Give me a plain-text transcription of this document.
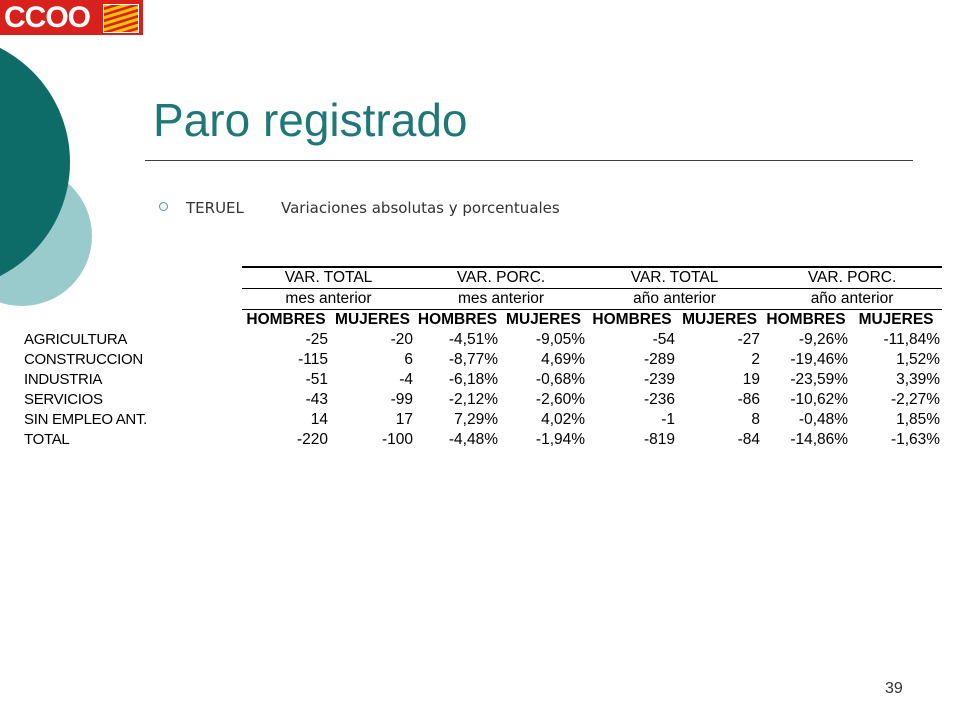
CCOO
Paro registrado
TERUEL Variaciones absolutas y porcentuales
	VAR. TOTAL		VAR. PORC.		VAR. TOTAL		VAR. PORC.	
	mes anterior		mes anterior		año anterior		año anterior	
	HOMBRES	MUJERES	HOMBRES	MUJERES	HOMBRES	MUJERES	HOMBRES	MUJERES
AGRICULTURA	-25	-20	-4,51%	-9,05%	-54	-27	-9,26%	-11,84%
CONSTRUCCION	-115	6	-8,77%	4,69%	-289	2	-19,46%	1,52%
INDUSTRIA	-51	-4	-6,18%	-0,68%	-239	19	-23,59%	3,39%
SERVICIOS	-43	-99	-2,12%	-2,60%	-236	-86	-10,62%	-2,27%
SIN EMPLEO ANT.	14	17	7,29%	4,02%	-1	8	-0,48%	1,85%
TOTAL	-220	-100	-4,48%	-1,94%	-819	-84	-14,86%	-1,63%
39
